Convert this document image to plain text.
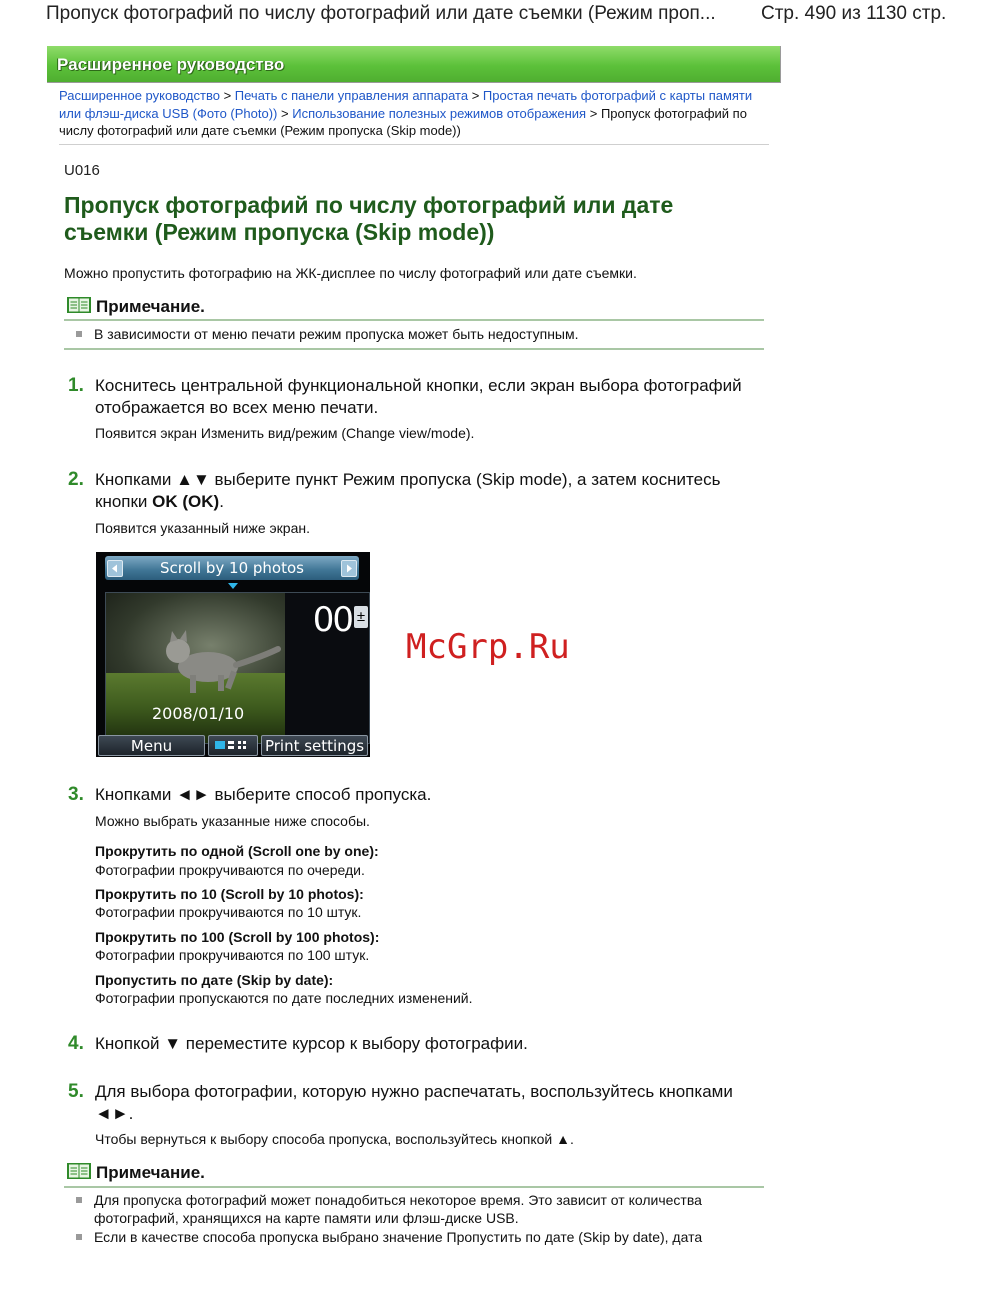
Пропуск фотографий по числу фотографий или дате съемки (Режим проп... Стр. 490 из 1130 стр.
Расширенное руководство
Расширенное руководство > Печать с панели управления аппарата > Простая печать фотографий с карты памяти или флэш-диска USB (Фото (Photo)) > Использование полезных режимов отображения > Пропуск фотографий по числу фотографий или дате съемки (Режим пропуска (Skip mode))
U016
Пропуск фотографий по числу фотографий или дате съемки (Режим пропуска (Skip mode))
Можно пропустить фотографию на ЖК-дисплее по числу фотографий или дате съемки.
Примечание.
В зависимости от меню печати режим пропуска может быть недоступным.
1. Коснитесь центральной функциональной кнопки, если экран выбора фотографий отображается во всех меню печати.
Появится экран Изменить вид/режим (Change view/mode).
2. Кнопками ▲▼ выберите пункт Режим пропуска (Skip mode), а затем коснитесь кнопки OK (OK).
Появится указанный ниже экран.
Scroll by 10 photos
00 ±
2008/01/10
Menu	Print settings
McGrp.Ru
3. Кнопками ◄► выберите способ пропуска.
Можно выбрать указанные ниже способы.
Прокрутить по одной (Scroll one by one):
Фотографии прокручиваются по очереди.
Прокрутить по 10 (Scroll by 10 photos):
Фотографии прокручиваются по 10 штук.
Прокрутить по 100 (Scroll by 100 photos):
Фотографии прокручиваются по 100 штук.
Пропустить по дате (Skip by date):
Фотографии пропускаются по дате последних изменений.
4. Кнопкой ▼ переместите курсор к выбору фотографии.
5. Для выбора фотографии, которую нужно распечатать, воспользуйтесь кнопками ◄►.
Чтобы вернуться к выбору способа пропуска, воспользуйтесь кнопкой ▲.
Примечание.
Для пропуска фотографий может понадобиться некоторое время. Это зависит от количества фотографий, хранящихся на карте памяти или флэш-диске USB.
Если в качестве способа пропуска выбрано значение Пропустить по дате (Skip by date), дата
